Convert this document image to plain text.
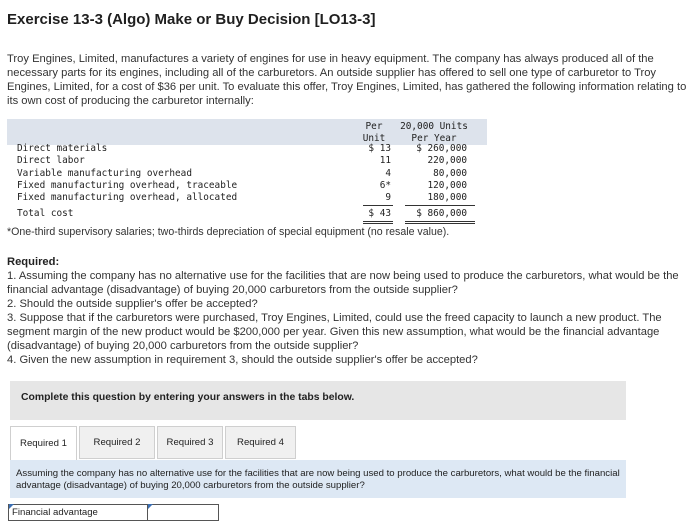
Exercise 13-3 (Algo) Make or Buy Decision [LO13-3]
Troy Engines, Limited, manufactures a variety of engines for use in heavy equipment. The company has always produced all of the necessary parts for its engines, including all of the carburetors. An outside supplier has offered to sell one type of carburetor to Troy Engines, Limited, for a cost of $36 per unit. To evaluate this offer, Troy Engines, Limited, has gathered the following information relating to its own cost of producing the carburetor internally:
Per
Unit
20,000 Units
Per Year
Direct materials	$ 13	$ 260,000
Direct labor	11	220,000
Variable manufacturing overhead	4	80,000
Fixed manufacturing overhead, traceable	6*	120,000
Fixed manufacturing overhead, allocated	9	180,000
Total cost	$ 43	$ 860,000
*One-third supervisory salaries; two-thirds depreciation of special equipment (no resale value).
Required:
1. Assuming the company has no alternative use for the facilities that are now being used to produce the carburetors, what would be the financial advantage (disadvantage) of buying 20,000 carburetors from the outside supplier?
2. Should the outside supplier's offer be accepted?
3. Suppose that if the carburetors were purchased, Troy Engines, Limited, could use the freed capacity to launch a new product. The segment margin of the new product would be $200,000 per year. Given this new assumption, what would be the financial advantage (disadvantage) of buying 20,000 carburetors from the outside supplier?
4. Given the new assumption in requirement 3, should the outside supplier's offer be accepted?
Complete this question by entering your answers in the tabs below.
Required 1	Required 2	Required 3	Required 4
Assuming the company has no alternative use for the facilities that are now being used to produce the carburetors, what would be the financial advantage (disadvantage) of buying 20,000 carburetors from the outside supplier?
Financial advantage
